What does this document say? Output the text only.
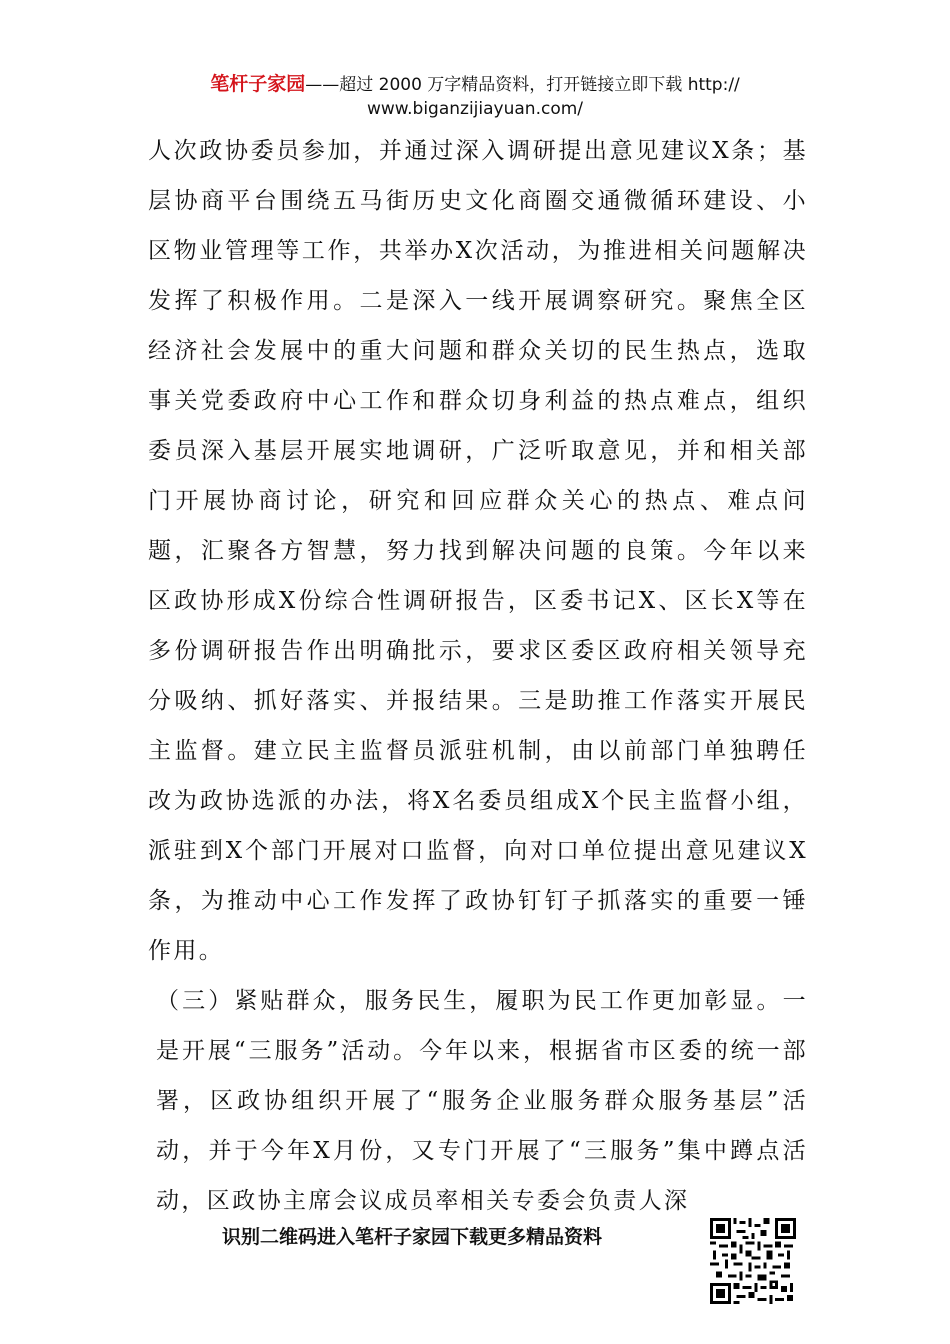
笔杆子家园——超过 2000 万字精品资料，打开链接立即下载 http://
www.biganzijiayuan.com/

人次政协委员参加，并通过深入调研提出意见建议X条；基层协商平台围绕五马街历史文化商圈交通微循环建设、小区物业管理等工作，共举办X次活动，为推进相关问题解决发挥了积极作用。二是深入一线开展调察研究。聚焦全区经济社会发展中的重大问题和群众关切的民生热点，选取事关党委政府中心工作和群众切身利益的热点难点，组织委员深入基层开展实地调研，广泛听取意见，并和相关部门开展协商讨论，研究和回应群众关心的热点、难点问题，汇聚各方智慧，努力找到解决问题的良策。今年以来区政协形成X份综合性调研报告，区委书记X、区长X等在多份调研报告作出明确批示，要求区委区政府相关领导充分吸纳、抓好落实、并报结果。三是助推工作落实开展民主监督。建立民主监督员派驻机制，由以前部门单独聘任改为政协选派的办法，将X名委员组成X个民主监督小组，派驻到X个部门开展对口监督，向对口单位提出意见建议X条，为推动中心工作发挥了政协钉钉子抓落实的重要一锤作用。

（三）紧贴群众，服务民生，履职为民工作更加彰显。一是开展“三服务”活动。今年以来，根据省市区委的统一部署，区政协组织开展了“服务企业服务群众服务基层”活动，并于今年X月份，又专门开展了“三服务”集中蹲点活动，区政协主席会议成员率相关专委会负责人深

识别二维码进入笔杆子家园下载更多精品资料
